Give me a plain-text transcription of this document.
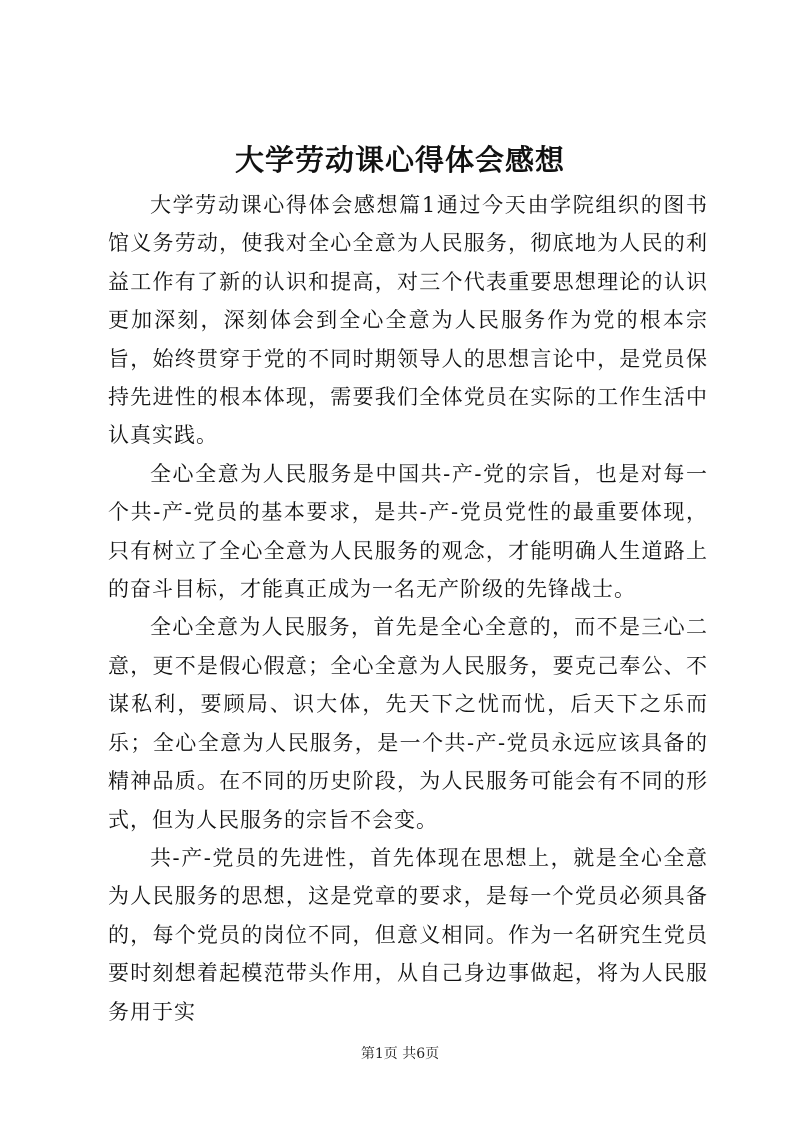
大学劳动课心得体会感想

大学劳动课心得体会感想篇1通过今天由学院组织的图书馆义务劳动，使我对全心全意为人民服务，彻底地为人民的利益工作有了新的认识和提高，对三个代表重要思想理论的认识更加深刻，深刻体会到全心全意为人民服务作为党的根本宗旨，始终贯穿于党的不同时期领导人的思想言论中，是党员保持先进性的根本体现，需要我们全体党员在实际的工作生活中认真实践。

全心全意为人民服务是中国共-产-党的宗旨，也是对每一个共-产-党员的基本要求，是共-产-党员党性的最重要体现，只有树立了全心全意为人民服务的观念，才能明确人生道路上的奋斗目标，才能真正成为一名无产阶级的先锋战士。

全心全意为人民服务，首先是全心全意的，而不是三心二意，更不是假心假意；全心全意为人民服务，要克己奉公、不谋私利，要顾局、识大体，先天下之忧而忧，后天下之乐而乐；全心全意为人民服务，是一个共-产-党员永远应该具备的精神品质。在不同的历史阶段，为人民服务可能会有不同的形式，但为人民服务的宗旨不会变。

共-产-党员的先进性，首先体现在思想上，就是全心全意为人民服务的思想，这是党章的要求，是每一个党员必须具备的，每个党员的岗位不同，但意义相同。作为一名研究生党员要时刻想着起模范带头作用，从自己身边事做起，将为人民服务用于实

第1页 共6页
